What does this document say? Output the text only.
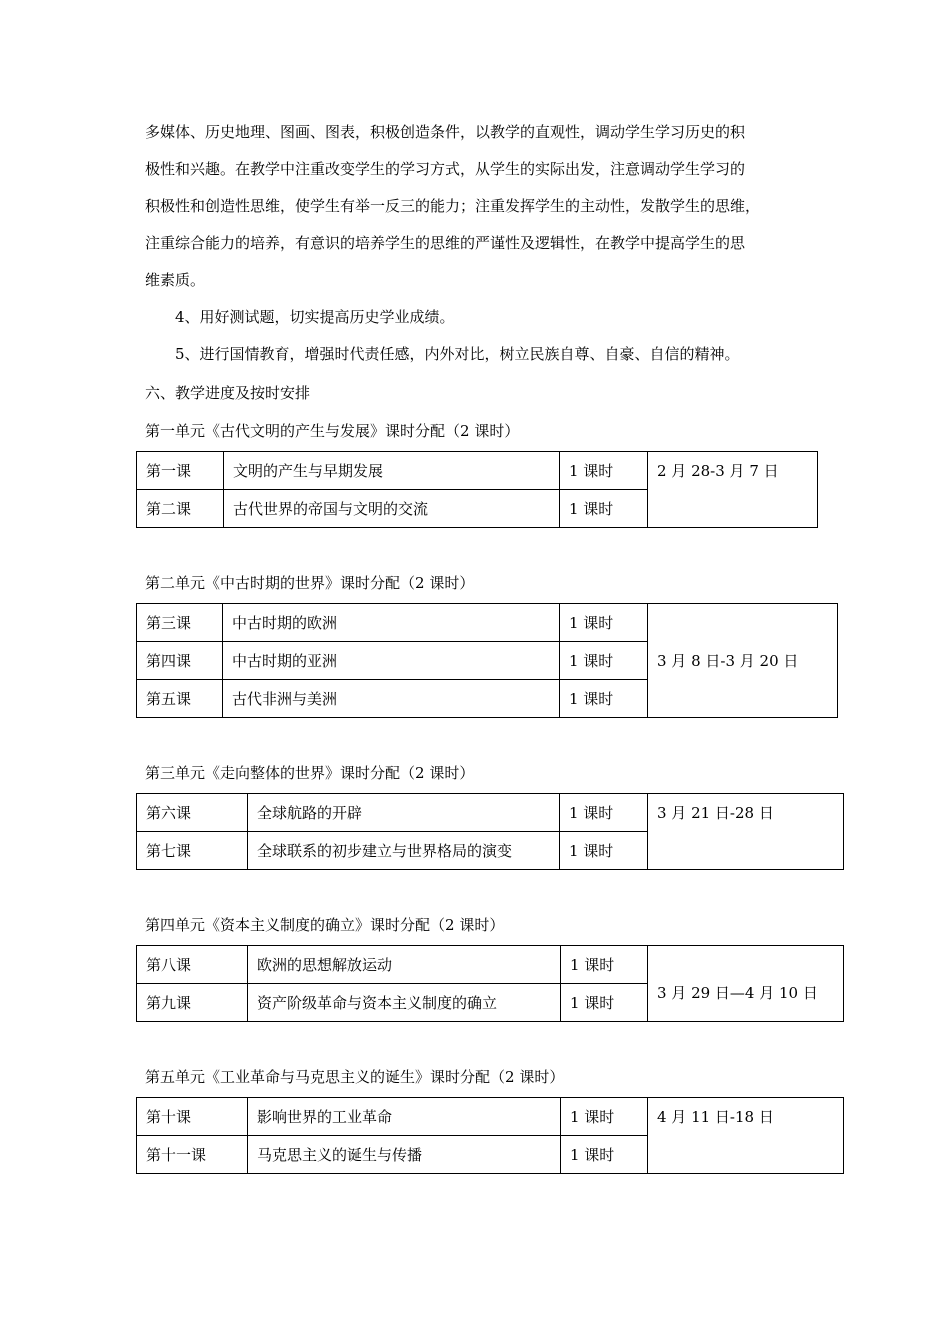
多媒体、历史地理、图画、图表，积极创造条件，以教学的直观性，调动学生学习历史的积
极性和兴趣。在教学中注重改变学生的学习方式，从学生的实际出发，注意调动学生学习的
积极性和创造性思维，使学生有举一反三的能力；注重发挥学生的主动性，发散学生的思维，
注重综合能力的培养，有意识的培养学生的思维的严谨性及逻辑性，在教学中提高学生的思
维素质。
4、用好测试题，切实提高历史学业成绩。
5、进行国情教育，增强时代责任感，内外对比，树立民族自尊、自豪、自信的精神。
六、教学进度及按时安排
第一单元《古代文明的产生与发展》课时分配（2 课时）
第一课	文明的产生与早期发展	1 课时	2 月 28-3 月 7 日
第二课	古代世界的帝国与文明的交流	1 课时	
第二单元《中古时期的世界》课时分配（2 课时）
第三课	中古时期的欧洲	1 课时	3 月 8 日-3 月 20 日
第四课	中古时期的亚洲	1 课时	
第五课	古代非洲与美洲	1 课时	
第三单元《走向整体的世界》课时分配（2 课时）
第六课	全球航路的开辟	1 课时	3 月 21 日-28 日
第七课	全球联系的初步建立与世界格局的演变	1 课时	
第四单元《资本主义制度的确立》课时分配（2 课时）
第八课	欧洲的思想解放运动	1 课时	3 月 29 日—4 月 10 日
第九课	资产阶级革命与资本主义制度的确立	1 课时	
第五单元《工业革命与马克思主义的诞生》课时分配（2 课时）
第十课	影响世界的工业革命	1 课时	4 月 11 日-18 日
第十一课	马克思主义的诞生与传播	1 课时	
